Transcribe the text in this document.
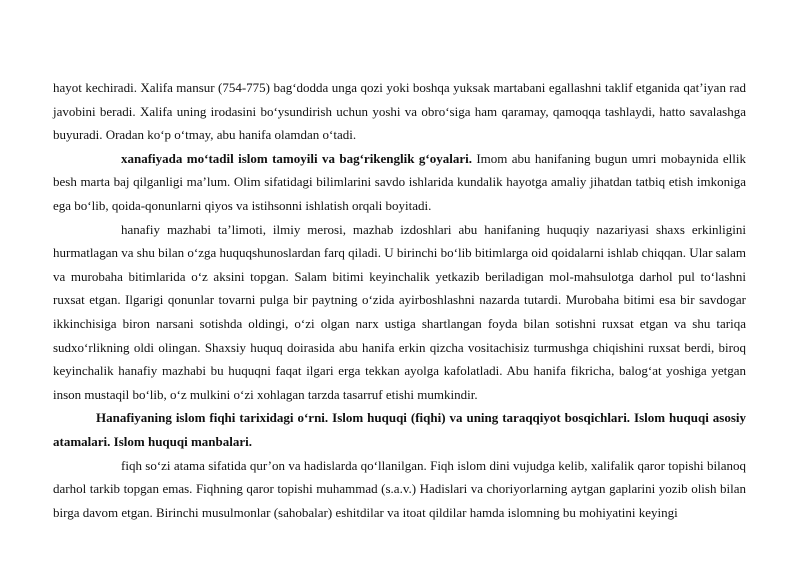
hayot kechiradi. Xalifa mansur (754-775) bag‘dodda unga qozi yoki boshqa yuksak martabani egallashni taklif etganida qat’iyan rad javobini beradi. Xalifa uning irodasini bo‘ysundirish uchun yoshi va obro‘siga ham qaramay, qamoqqa tashlaydi, hatto savalashga buyuradi. Oradan ko‘p o‘tmay, abu hanifa olamdan o‘tadi.

xanafiyada mo‘tadil islom tamoyili va bag‘rikenglik g‘oyalari. Imom abu hanifaning bugun umri mobaynida ellik besh marta baj qilganligi ma’lum. Olim sifatidagi bilimlarini savdo ishlarida kundalik hayotga amaliy jihatdan tatbiq etish imkoniga ega bo‘lib, qoida-qonunlarni qiyos va istihsonni ishlatish orqali boyitadi.

hanafiy mazhabi ta’limoti, ilmiy merosi, mazhab izdoshlari abu hanifaning huquqiy nazariyasi shaxs erkinligini hurmatlagan va shu bilan o‘zga huquqshunoslardan farq qiladi. U birinchi bo‘lib bitimlarga oid qoidalarni ishlab chiqqan. Ular salam va murobaha bitimlarida o‘z aksini topgan. Salam bitimi keyinchalik yetkazib beriladigan mol-mahsulotga darhol pul to‘lashni ruxsat etgan. Ilgarigi qonunlar tovarni pulga bir paytning o‘zida ayirboshlashni nazarda tutardi. Murobaha bitimi esa bir savdogar ikkinchisiga biron narsani sotishda oldingi, o‘zi olgan narx ustiga shartlangan foyda bilan sotishni ruxsat etgan va shu tariqa sudxo‘rlikning oldi olingan. Shaxsiy huquq doirasida abu hanifa erkin qizcha vositachisiz turmushga chiqishini ruxsat berdi, biroq keyinchalik hanafiy mazhabi bu huquqni faqat ilgari erga tekkan ayolga kafolatladi. Abu hanifa fikricha, balog‘at yoshiga yetgan inson mustaqil bo‘lib, o‘z mulkini o‘zi xohlagan tarzda tasarruf etishi mumkindir.

Hanafiyaning islom fiqhi tarixidagi o‘rni. Islom huquqi (fiqhi) va uning taraqqiyot bosqichlari. Islom huquqi asosiy atamalari. Islom huquqi manbalari.

fiqh so‘zi atama sifatida qur’on va hadislarda qo‘llanilgan. Fiqh islom dini vujudga kelib, xalifalik qaror topishi bilanoq darhol tarkib topgan emas. Fiqhning qaror topishi muhammad (s.a.v.) Hadislari va choriyorlarning aytgan gaplarini yozib olish bilan birga davom etgan. Birinchi musulmonlar (sahobalar) eshitdilar va itoat qildilar hamda islomning bu mohiyatini keyingi
